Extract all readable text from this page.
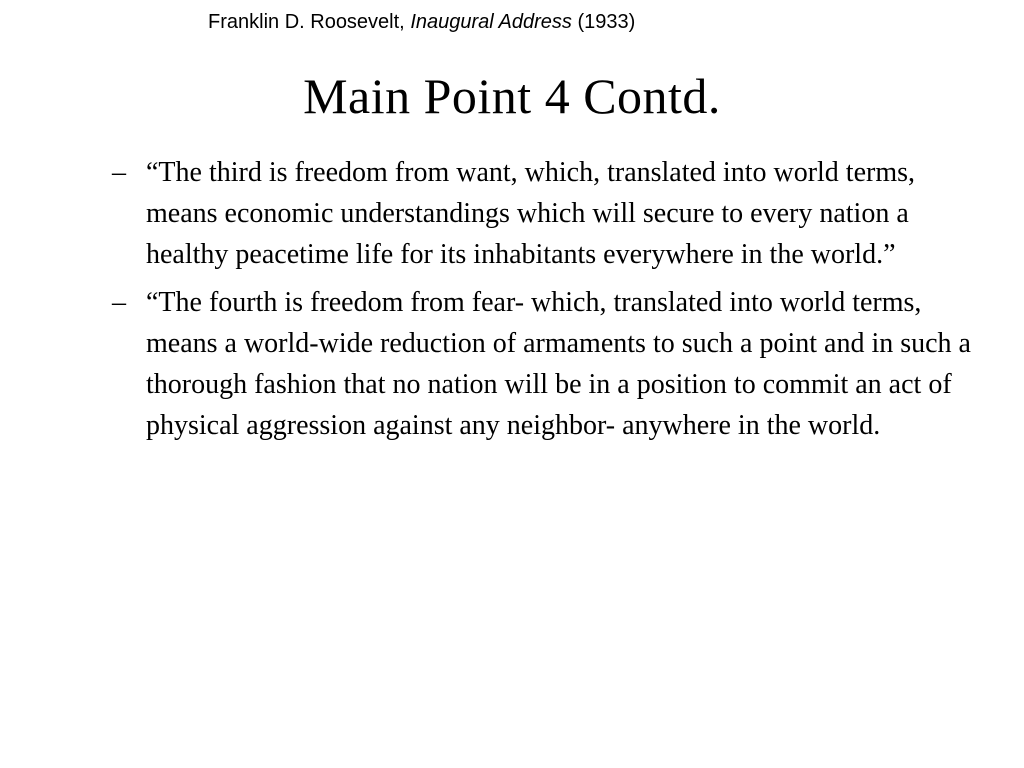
Franklin D. Roosevelt, Inaugural Address (1933)
Main Point 4 Contd.
– “The third is freedom from want, which, translated into world terms, means economic understandings which will secure to every nation a healthy peacetime life for its inhabitants everywhere in the world.”
– “The fourth is freedom from fear- which, translated into world terms, means a world-wide reduction of armaments to such a point and in such a thorough fashion that no nation will be in a position to commit an act of physical aggression against any neighbor- anywhere in the world.
